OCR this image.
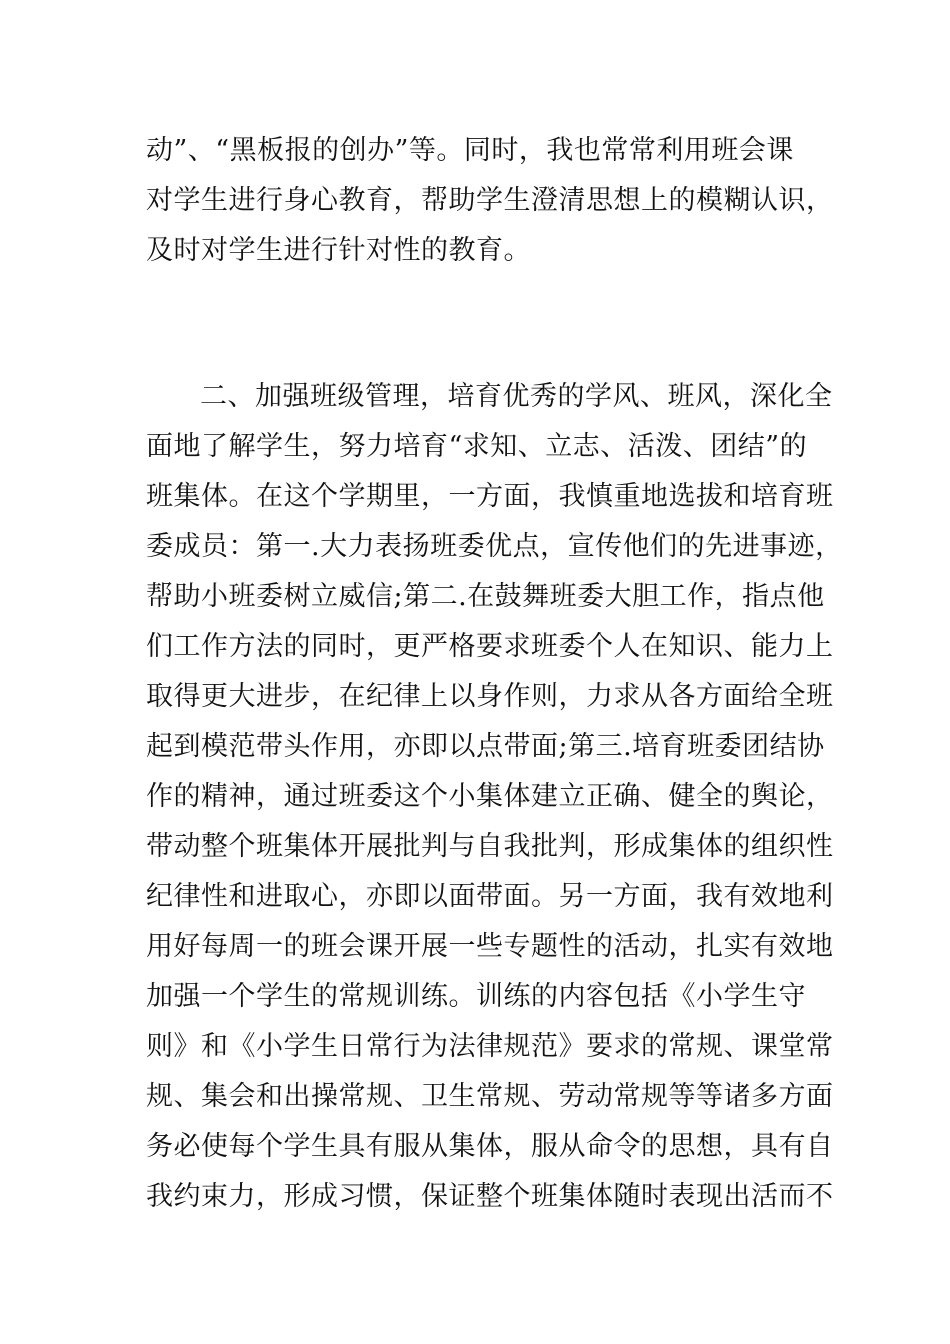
动”、“黑板报的创办”等。同时，我也常常利用班会课
对学生进行身心教育，帮助学生澄清思想上的模糊认识，
及时对学生进行针对性的教育。
二、加强班级管理，培育优秀的学风、班风，深化全
面地了解学生，努力培育“求知、立志、活泼、团结”的
班集体。在这个学期里，一方面，我慎重地选拔和培育班
委成员：第一.大力表扬班委优点，宣传他们的先进事迹，
帮助小班委树立威信;第二.在鼓舞班委大胆工作，指点他
们工作方法的同时，更严格要求班委个人在知识、能力上
取得更大进步，在纪律上以身作则，力求从各方面给全班
起到模范带头作用，亦即以点带面;第三.培育班委团结协
作的精神，通过班委这个小集体建立正确、健全的舆论，
带动整个班集体开展批判与自我批判，形成集体的组织性
纪律性和进取心，亦即以面带面。另一方面，我有效地利
用好每周一的班会课开展一些专题性的活动，扎实有效地
加强一个学生的常规训练。训练的内容包括《小学生守
则》和《小学生日常行为法律规范》要求的常规、课堂常
规、集会和出操常规、卫生常规、劳动常规等等诸多方面
务必使每个学生具有服从集体，服从命令的思想，具有自
我约束力，形成习惯，保证整个班集体随时表现出活而不
